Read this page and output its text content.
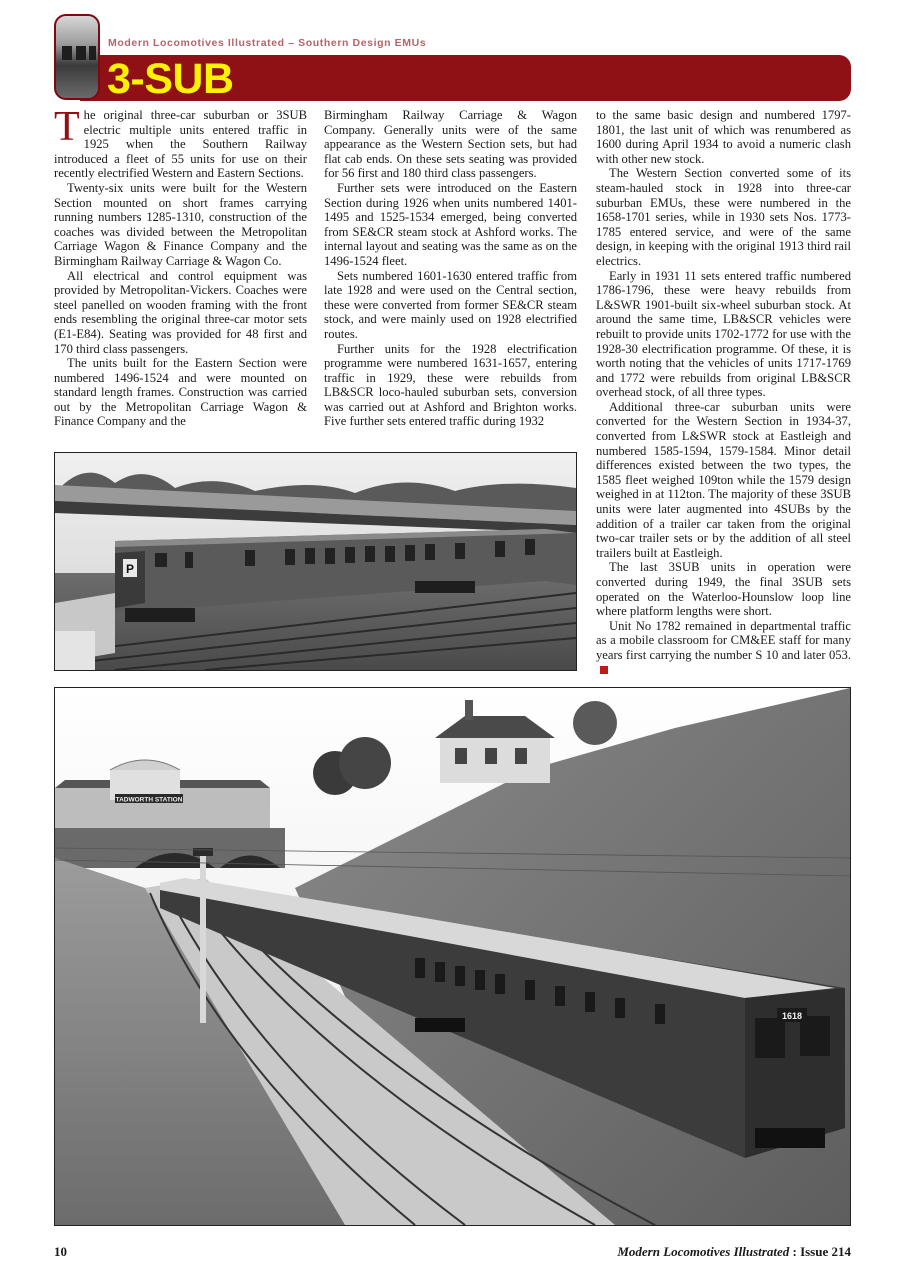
Modern Locomotives Illustrated – Southern Design EMUs
3-SUB

The original three-car suburban or 3SUB electric multiple units entered traffic in 1925 when the Southern Railway introduced a fleet of 55 units for use on their recently electrified Western and Eastern Sections.

Twenty-six units were built for the Western Section mounted on short frames carrying running numbers 1285-1310, construction of the coaches was divided between the Metropolitan Carriage Wagon & Finance Company and the Birmingham Railway Carriage & Wagon Co.

All electrical and control equipment was provided by Metropolitan-Vickers. Coaches were steel panelled on wooden framing with the front ends resembling the original three-car motor sets (E1-E84). Seating was provided for 48 first and 170 third class passengers.

The units built for the Eastern Section were numbered 1496-1524 and were mounted on standard length frames. Construction was carried out by the Metropolitan Carriage Wagon & Finance Company and the

Birmingham Railway Carriage & Wagon Company. Generally units were of the same appearance as the Western Section sets, but had flat cab ends. On these sets seating was provided for 56 first and 180 third class passengers.

Further sets were introduced on the Eastern Section during 1926 when units numbered 1401-1495 and 1525-1534 emerged, being converted from SE&CR steam stock at Ashford works. The internal layout and seating was the same as on the 1496-1524 fleet.

Sets numbered 1601-1630 entered traffic from late 1928 and were used on the Central section, these were converted from former SE&CR steam stock, and were mainly used on 1928 electrified routes.

Further units for the 1928 electrification programme were numbered 1631-1657, entering traffic in 1929, these were rebuilds from LB&SCR loco-hauled suburban sets, conversion was carried out at Ashford and Brighton works. Five further sets entered traffic during 1932

to the same basic design and numbered 1797-1801, the last unit of which was renumbered as 1600 during April 1934 to avoid a numeric clash with other new stock.

The Western Section converted some of its steam-hauled stock in 1928 into three-car suburban EMUs, these were numbered in the 1658-1701 series, while in 1930 sets Nos. 1773-1785 entered service, and were of the same design, in keeping with the original 1913 third rail electrics.

Early in 1931 11 sets entered traffic numbered 1786-1796, these were heavy rebuilds from L&SWR 1901-built six-wheel suburban stock. At around the same time, LB&SCR vehicles were rebuilt to provide units 1702-1772 for use with the 1928-30 electrification programme. Of these, it is worth noting that the vehicles of units 1717-1769 and 1772 were rebuilds from original LB&SCR overhead stock, of all three types.

Additional three-car suburban units were converted for the Western Section in 1934-37, converted from L&SWR stock at Eastleigh and numbered 1585-1594, 1579-1584. Minor detail differences existed between the two types, the 1585 fleet weighed 109ton while the 1579 design weighed in at 112ton. The majority of these 3SUB units were later augmented into 4SUBs by the addition of a trailer car taken from the original two-car trailer sets or by the addition of all steel trailers built at Eastleigh.

The last 3SUB units in operation were converted during 1949, the final 3SUB sets operated on the Waterloo-Hounslow loop line where platform lengths were short.

Unit No 1782 remained in departmental traffic as a mobile classroom for CM&EE staff for many years first carrying the number S 10 and later 053.

P
TADWORTH STATION
1618
10	Modern Locomotives Illustrated : Issue 214
